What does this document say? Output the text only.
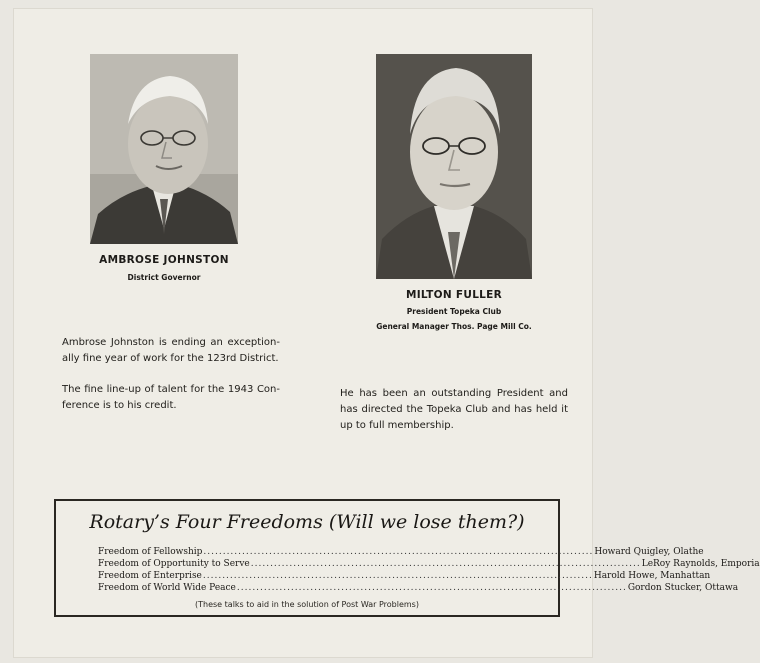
AMBROSE JOHNSTON
District Governor
MILTON FULLER
President Topeka Club
General Manager Thos. Page Mill Co.

Ambrose Johnston is ending an exception-ally fine year of work for the 123rd District.

The fine line-up of talent for the 1943 Con-ference is to his credit.

He has been an outstanding President and has directed the Topeka Club and has held it up to full membership.

Rotary’s Four Freedoms (Will we lose them?)
Freedom of Fellowship ..................................................................................................... Howard Quigley, Olathe
Freedom of Opportunity to Serve ..................................................................................................... LeRoy Raynolds, Emporia
Freedom of Enterprise ..................................................................................................... Harold Howe, Manhattan
Freedom of World Wide Peace ..................................................................................................... Gordon Stucker, Ottawa
(These talks to aid in the solution of Post War Problems)
